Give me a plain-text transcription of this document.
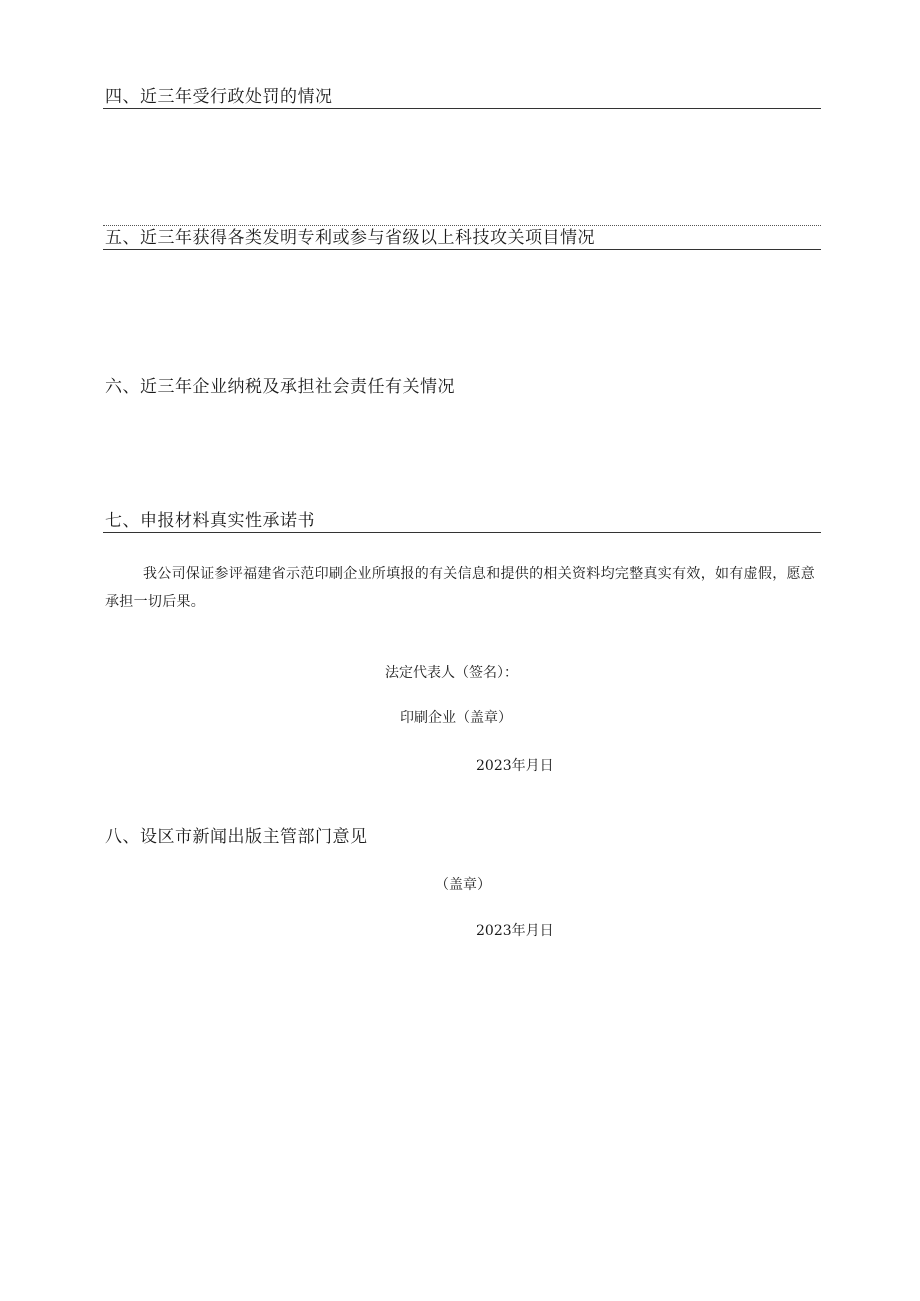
四、近三年受行政处罚的情况
五、近三年获得各类发明专利或参与省级以上科技攻关项目情况
六、近三年企业纳税及承担社会责任有关情况
七、申报材料真实性承诺书
我公司保证参评福建省示范印刷企业所填报的有关信息和提供的相关资料均完整真实有效，如有虚假，愿意承担一切后果。
法定代表人（签名）：
印刷企业（盖章）
2023年月日
八、设区市新闻出版主管部门意见
（盖章）
2023年月日
